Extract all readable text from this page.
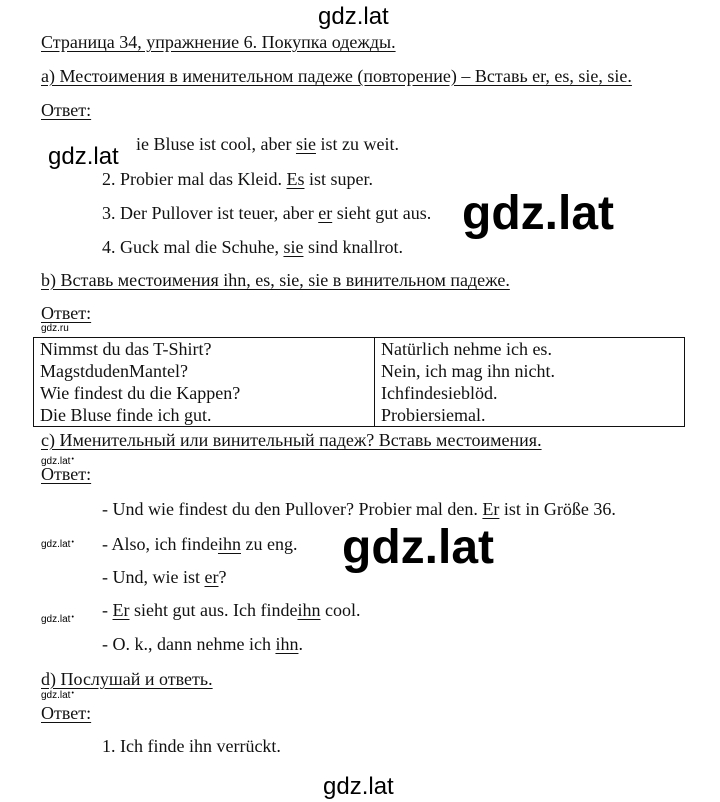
gdz.lat
gdz.lat
gdz.lat
gdz.ru
gdz.lat •
gdz.lat •	gdz.lat
gdz.lat •
gdz.lat •
gdz.lat
Страница 34, упражнение 6. Покупка одежды.
a) Местоимения в именительном падеже (повторение) – Вставь er, es, sie, sie.
Ответ:
ie Bluse ist cool, aber sie ist zu weit.
2. Probier mal das Kleid. Es ist super.
3. Der Pullover ist teuer, aber er sieht gut aus.
4. Guck mal die Schuhe, sie sind knallrot.
b) Вставь местоимения ihn, es, sie, sie в винительном падеже.
Ответ:
Nimmst du das T-Shirt?	Natürlich nehme ich es.
MagstdudenMantel?	Nein, ich mag ihn nicht.
Wie findest du die Kappen?	Ichfindesieblöd.
Die Bluse finde ich gut.	Probiersiemal.
c) Именительный или винительный падеж? Вставь местоимения.
Ответ:
- Und wie findest du den Pullover? Probier mal den. Er ist in Größe 36.
- Also, ich findeihn zu eng.
- Und, wie ist er?
- Er sieht gut aus. Ich findeihn cool.
- O. k., dann nehme ich ihn.
d) Послушай и ответь.
Ответ:
1. Ich finde ihn verrückt.
